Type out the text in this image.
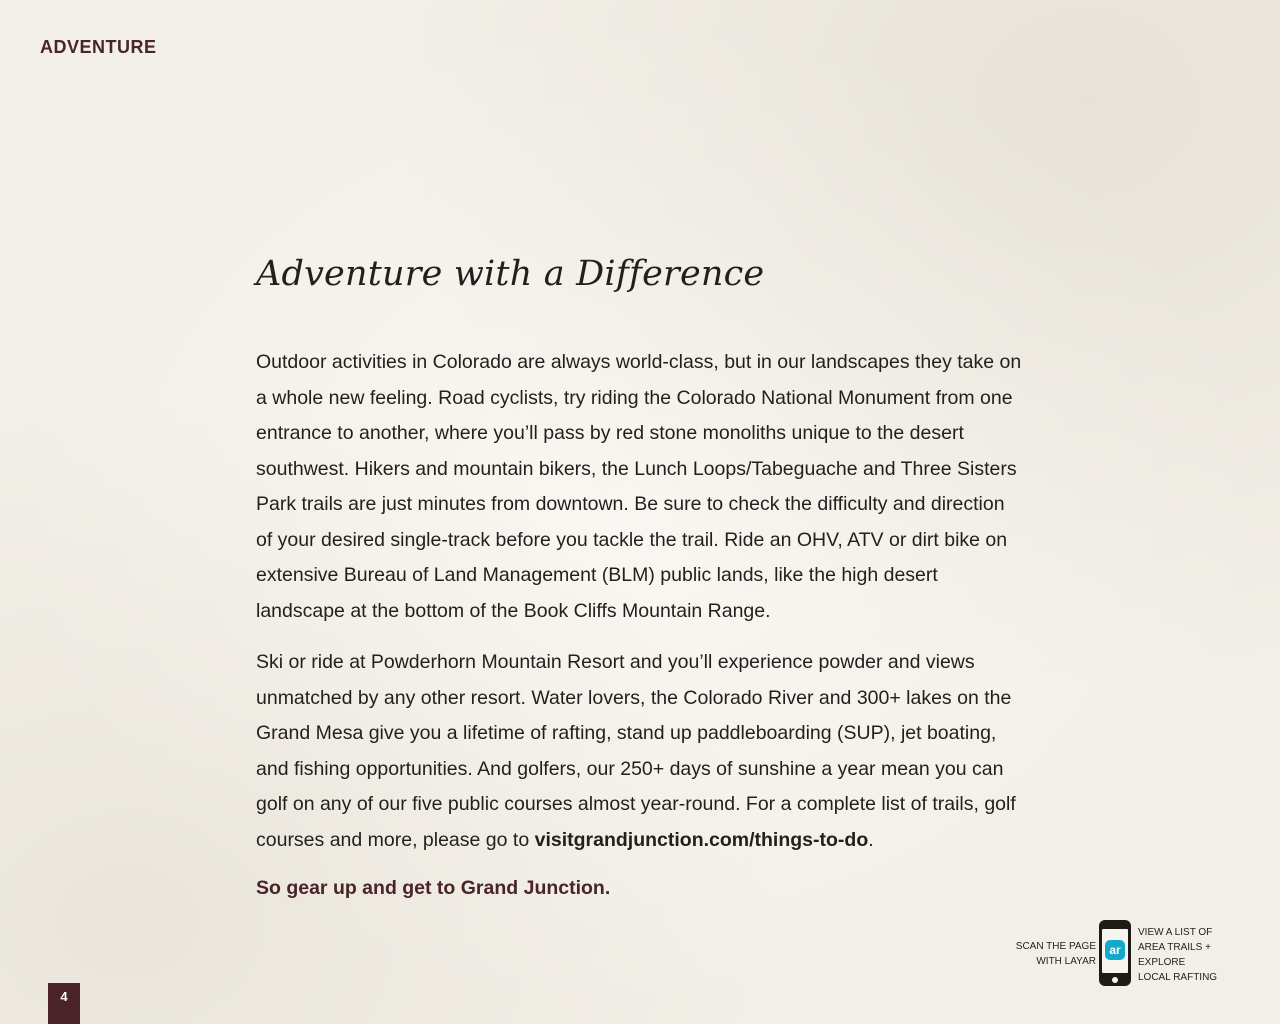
ADVENTURE
Adventure with a Difference

Outdoor activities in Colorado are always world-class, but in our landscapes they take on a whole new feeling. Road cyclists, try riding the Colorado National Monument from one entrance to another, where you’ll pass by red stone monoliths unique to the desert southwest. Hikers and mountain bikers, the Lunch Loops/Tabeguache and Three Sisters Park trails are just minutes from downtown. Be sure to check the difficulty and direction of your desired single-track before you tackle the trail. Ride an OHV, ATV or dirt bike on extensive Bureau of Land Management (BLM) public lands, like the high desert landscape at the bottom of the Book Cliffs Mountain Range.

Ski or ride at Powderhorn Mountain Resort and you’ll experience powder and views unmatched by any other resort. Water lovers, the Colorado River and 300+ lakes on the Grand Mesa give you a lifetime of rafting, stand up paddleboarding (SUP), jet boating, and fishing opportunities. And golfers, our 250+ days of sunshine a year mean you can golf on any of our five public courses almost year-round. For a complete list of trails, golf courses and more, please go to visitgrandjunction.com/things-to-do.

So gear up and get to Grand Junction.

SCAN THE PAGE WITH LAYAR
ar
VIEW A LIST OF AREA TRAILS + EXPLORE LOCAL RAFTING
4
